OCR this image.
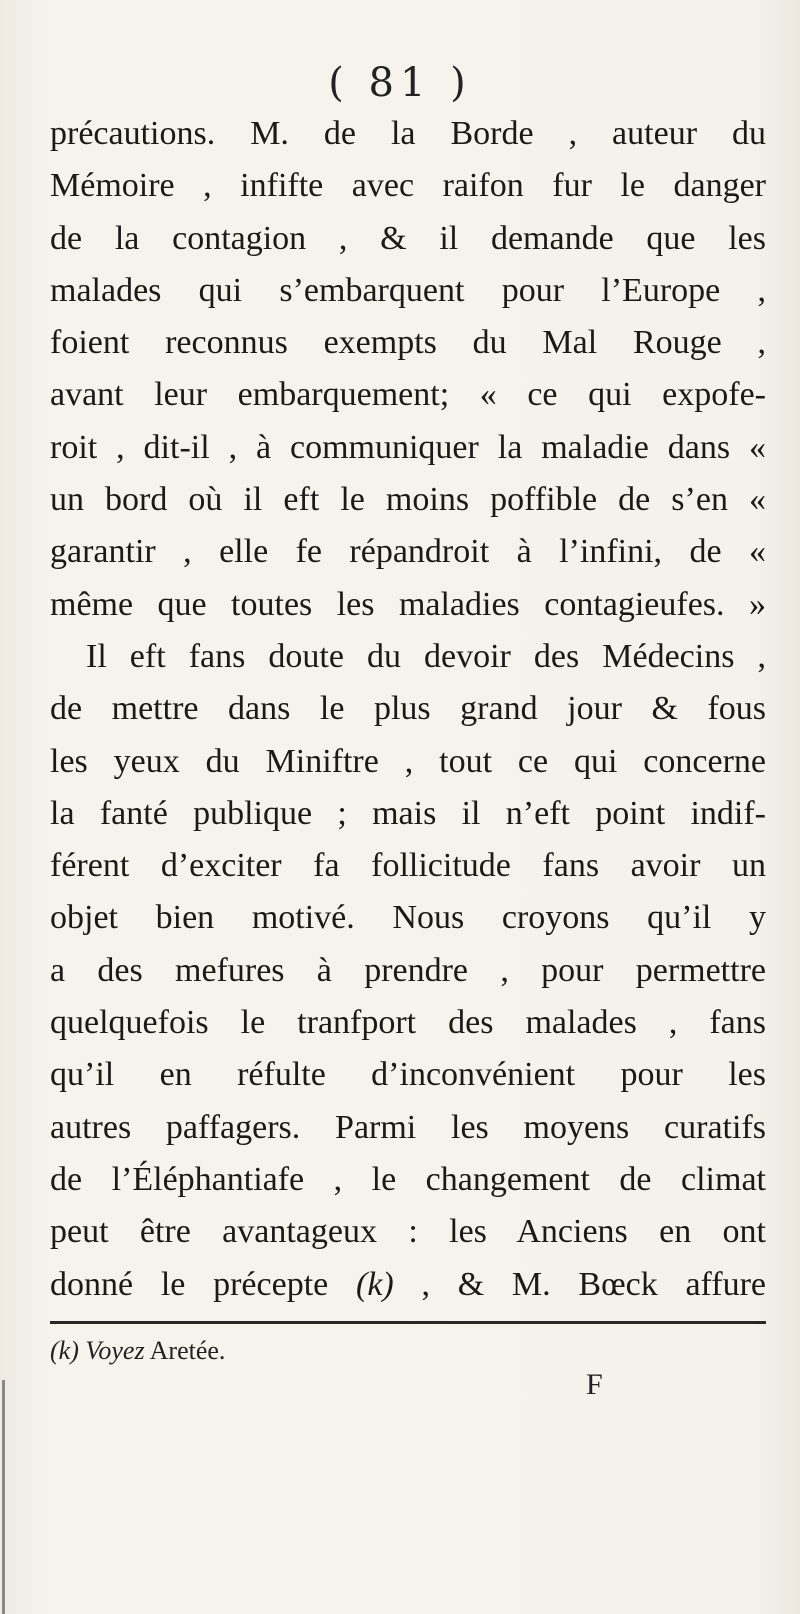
( 81 )
précautions. M. de la Borde , auteur du
Mémoire , infifte avec raifon fur le danger
de la contagion , & il demande que les
malades qui s’embarquent pour l’Europe ,
foient reconnus exempts du Mal Rouge ,
avant leur embarquement; « ce qui expofe-
roit , dit-il , à communiquer la maladie dans «
un bord où il eft le moins poffible de s’en «
garantir , elle fe répandroit à l’infini, de «
même que toutes les maladies contagieufes. »
Il eft fans doute du devoir des Médecins ,
de mettre dans le plus grand jour & fous
les yeux du Miniftre , tout ce qui concerne
la fanté publique ; mais il n’eft point indif-
férent d’exciter fa follicitude fans avoir un
objet bien motivé. Nous croyons qu’il y
a des mefures à prendre , pour permettre
quelquefois le tranfport des malades , fans
qu’il en réfulte d’inconvénient pour les
autres paffagers. Parmi les moyens curatifs
de l’Éléphantiafe , le changement de climat
peut être avantageux : les Anciens en ont
donné le précepte (k) , & M. Bœck affure
(k) Voyez Aretée.
F
